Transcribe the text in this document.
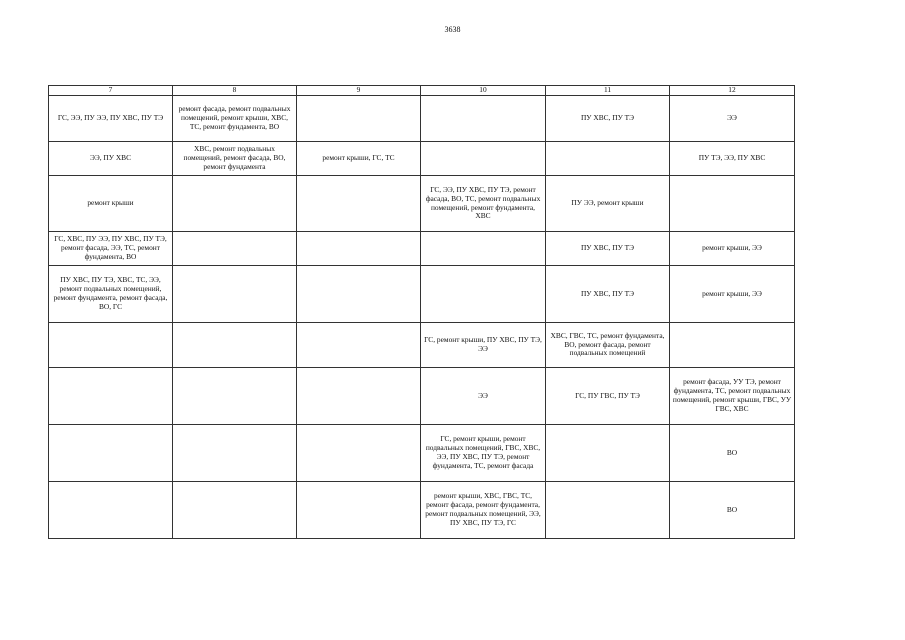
3638
7	8	9	10	11	12
ГС, ЭЭ, ПУ ЭЭ, ПУ ХВС, ПУ ТЭ	ремонт фасада, ремонт подвальных помещений, ремонт крыши, ХВС, ТС, ремонт фундамента, ВО			ПУ ХВС, ПУ ТЭ	ЭЭ
ЭЭ, ПУ ХВС	ХВС, ремонт подвальных помещений, ремонт фасада, ВО, ремонт фундамента	ремонт крыши, ГС, ТС			ПУ ТЭ, ЭЭ, ПУ ХВС
ремонт крыши			ГС, ЭЭ, ПУ ХВС, ПУ ТЭ, ремонт фасада, ВО, ТС, ремонт подвальных помещений, ремонт фундамента, ХВС	ПУ ЭЭ, ремонт крыши	
ГС, ХВС, ПУ ЭЭ, ПУ ХВС, ПУ ТЭ, ремонт фасада, ЭЭ, ТС, ремонт фундамента, ВО				ПУ ХВС, ПУ ТЭ	ремонт крыши, ЭЭ
ПУ ХВС, ПУ ТЭ, ХВС, ТС, ЭЭ, ремонт подвальных помещений, ремонт фундамента, ремонт фасада, ВО, ГС				ПУ ХВС, ПУ ТЭ	ремонт крыши, ЭЭ
			ГС, ремонт крыши, ПУ ХВС, ПУ ТЭ, ЭЭ	ХВС, ГВС, ТС, ремонт фундамента, ВО, ремонт фасада, ремонт подвальных помещений	
			ЭЭ	ГС, ПУ ГВС, ПУ ТЭ	ремонт фасада, УУ ТЭ, ремонт фундамента, ТС, ремонт подвальных помещений, ремонт крыши, ГВС, УУ ГВС, ХВС
			ГС, ремонт крыши, ремонт подвальных помещений, ГВС, ХВС, ЭЭ, ПУ ХВС, ПУ ТЭ, ремонт фундамента, ТС, ремонт фасада		ВО
			ремонт крыши, ХВС, ГВС, ТС, ремонт фасада, ремонт фундамента, ремонт подвальных помещений, ЭЭ, ПУ ХВС, ПУ ТЭ, ГС		ВО
